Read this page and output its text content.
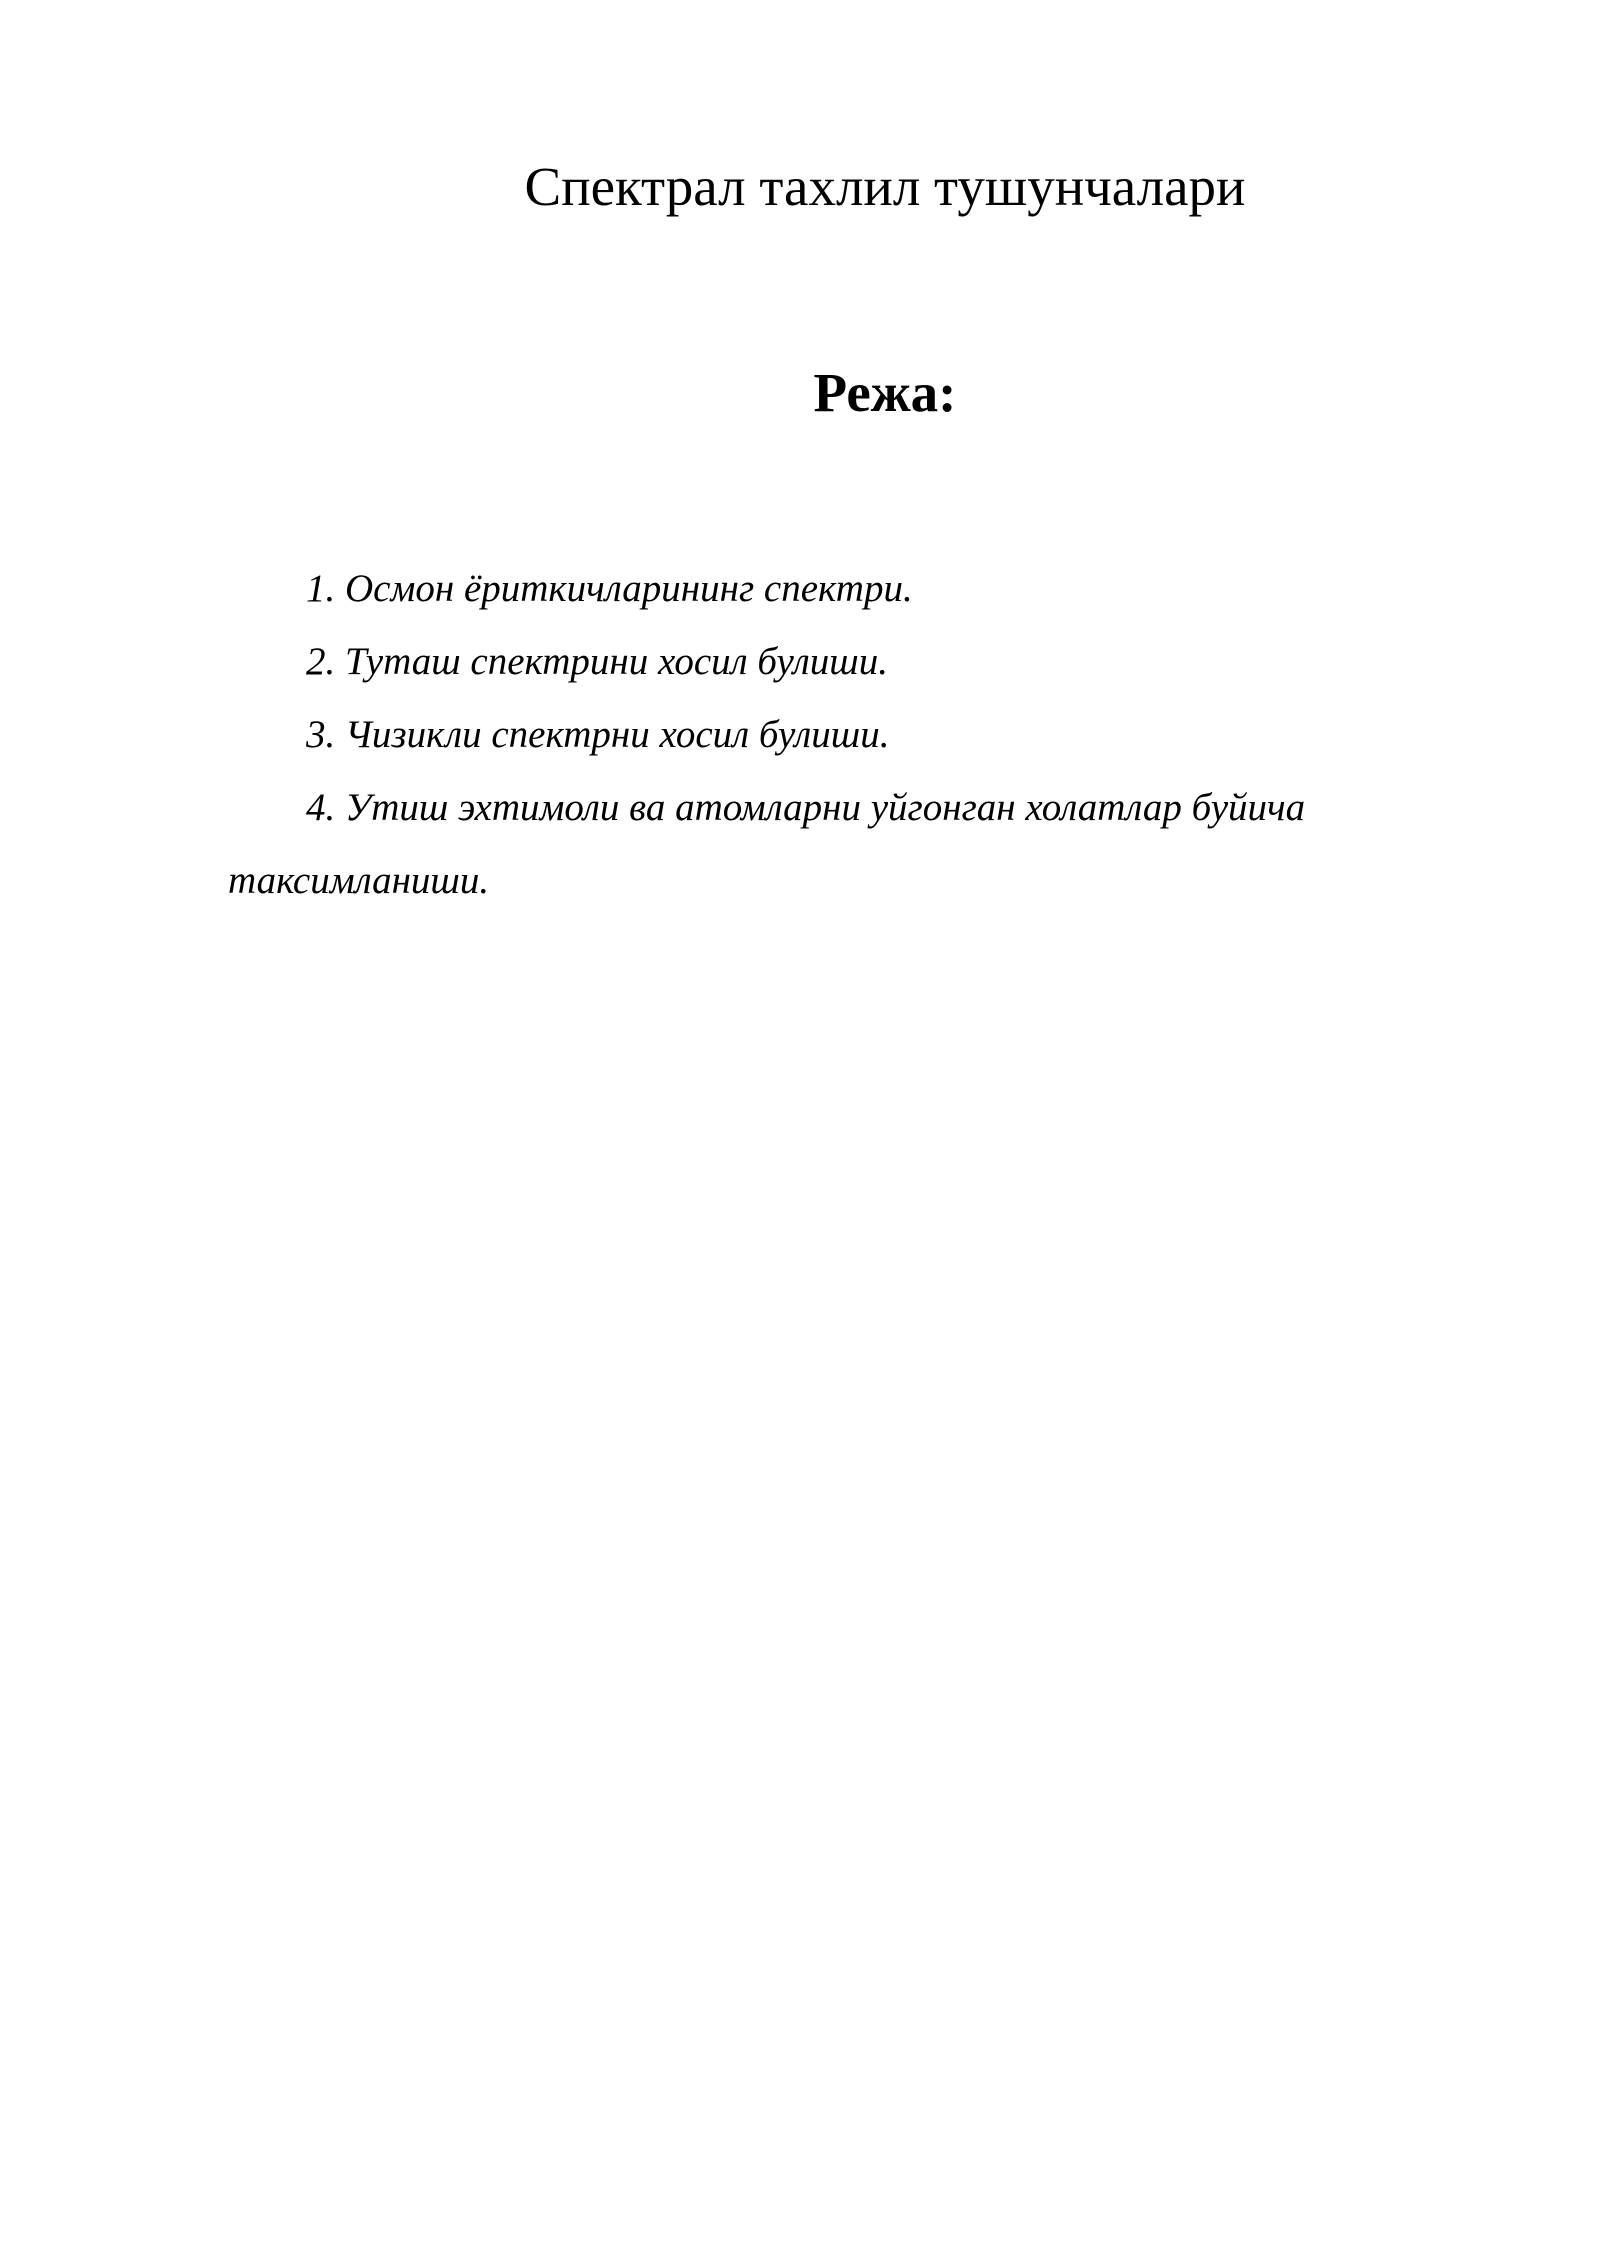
Спектрал тахлил тушунчалари
Режа:
1. Осмон ёриткичларининг спектри.
2. Туташ спектрини хосил булиши.
3. Чизикли спектрни хосил булиши.
4. Утиш эхтимоли ва атомларни уйгонган холатлар буйича таксимланиши.
